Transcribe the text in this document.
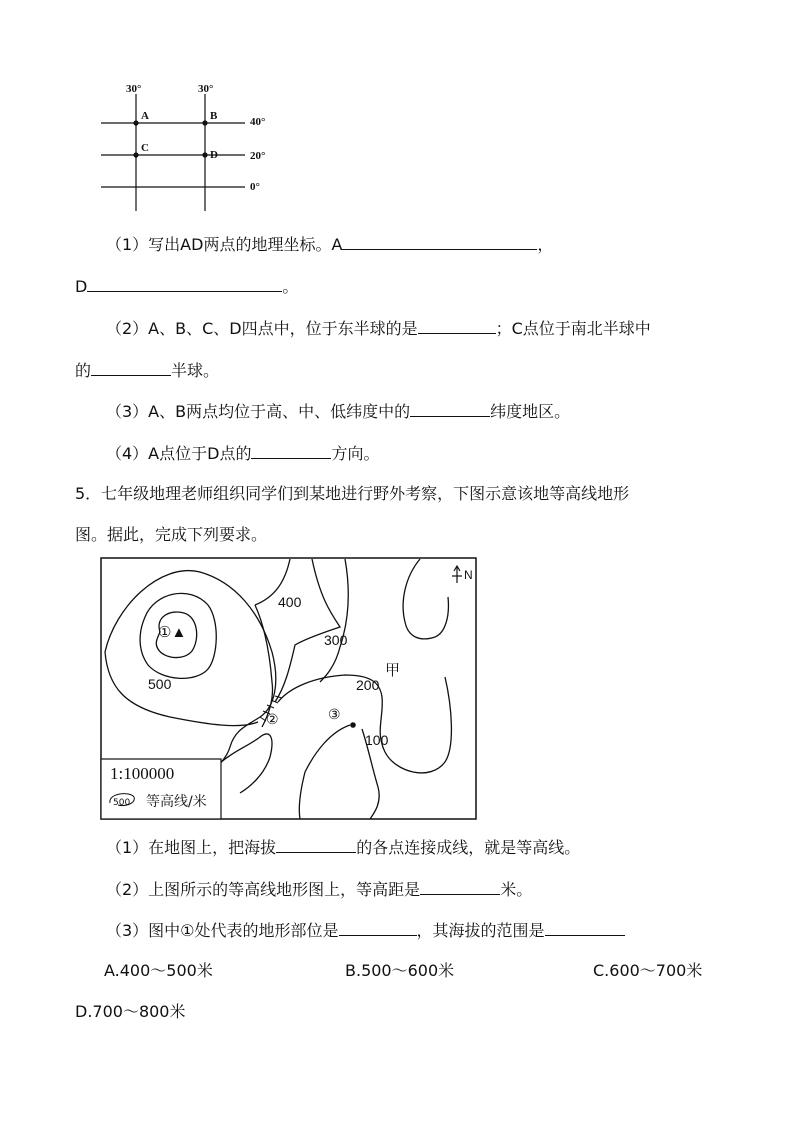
30°	30°
40°
20°
0°
A	B
C
D
（1）写出AD两点的地理坐标。A	，
D	。
（2）A、B、C、D四点中，位于东半球的是	；C点位于南北半球中
的	半球。
（3）A、B两点均位于高、中、低纬度中的	纬度地区。
（4）A点位于D点的	方向。
5．七年级地理老师组织同学们到某地进行野外考察，下图示意该地等高线地形
图。据此，完成下列要求。
N
400
300
200
500
100
①▲
②	③
甲
1:100000
500 等高线/米
（1）在地图上，把海拔	的各点连接成线，就是等高线。
（2）上图所示的等高线地形图上，等高距是	米。
（3）图中①处代表的地形部位是	，其海拔的范围是
A.400～500米	B.500～600米	C.600～700米
D.700～800米
